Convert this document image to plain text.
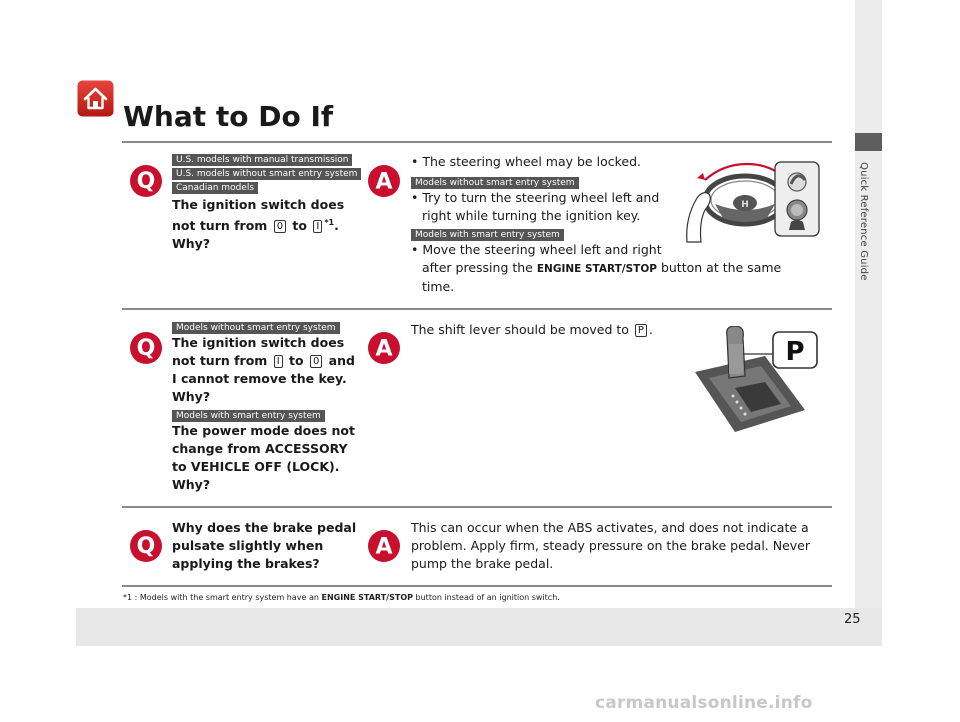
Quick Reference Guide
25
What to Do If
Q
U.S. models with manual transmission
U.S. models without smart entry system
Canadian models
The ignition switch does
not turn from 0 to I $^{*1}$.
Why?
A
• The steering wheel may be locked.
Models without smart entry system
• Try to turn the steering wheel left and
right while turning the ignition key.
Models with smart entry system
• Move the steering wheel left and right
after pressing the ENGINE START/STOP button at the same
time.
H
Q
Models without smart entry system
The ignition switch does
not turn from I to 0 and
I cannot remove the key.
Why?
Models with smart entry system
The power mode does not
change from ACCESSORY
to VEHICLE OFF (LOCK).
Why?
A
The shift lever should be moved to P .
P
Q
Why does the brake pedal
pulsate slightly when
applying the brakes?
A
This can occur when the ABS activates, and does not indicate a
problem. Apply firm, steady pressure on the brake pedal. Never
pump the brake pedal.
*1 : Models with the smart entry system have an ENGINE START/STOP button instead of an ignition switch.
carmanualsonline.info
